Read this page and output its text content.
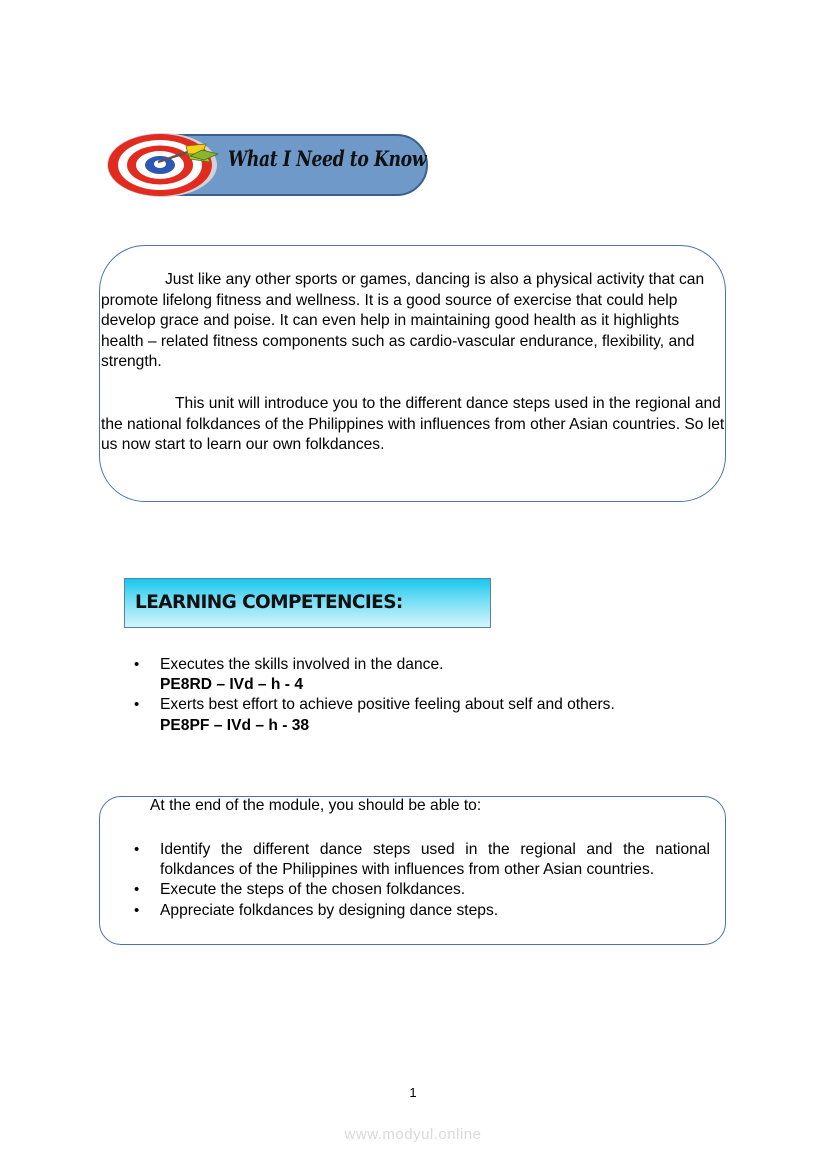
What I Need to Know

Just like any other sports or games, dancing is also a physical activity that can promote lifelong fitness and wellness. It is a good source of exercise that could help develop grace and poise. It can even help in maintaining good health as it highlights health – related fitness components such as cardio-vascular endurance, flexibility, and strength.

This unit will introduce you to the different dance steps used in the regional and the national folkdances of the Philippines with influences from other Asian countries. So let us now start to learn our own folkdances.

LEARNING COMPETENCIES:
• Executes the skills involved in the dance.
PE8RD – IVd – h - 4
• Exerts best effort to achieve positive feeling about self and others.
PE8PF – IVd – h - 38
At the end of the module, you should be able to:
• Identify the different dance steps used in the regional and the national folkdances of the Philippines with influences from other Asian countries.
• Execute the steps of the chosen folkdances.
• Appreciate folkdances by designing dance steps.
1
www.modyul.online
